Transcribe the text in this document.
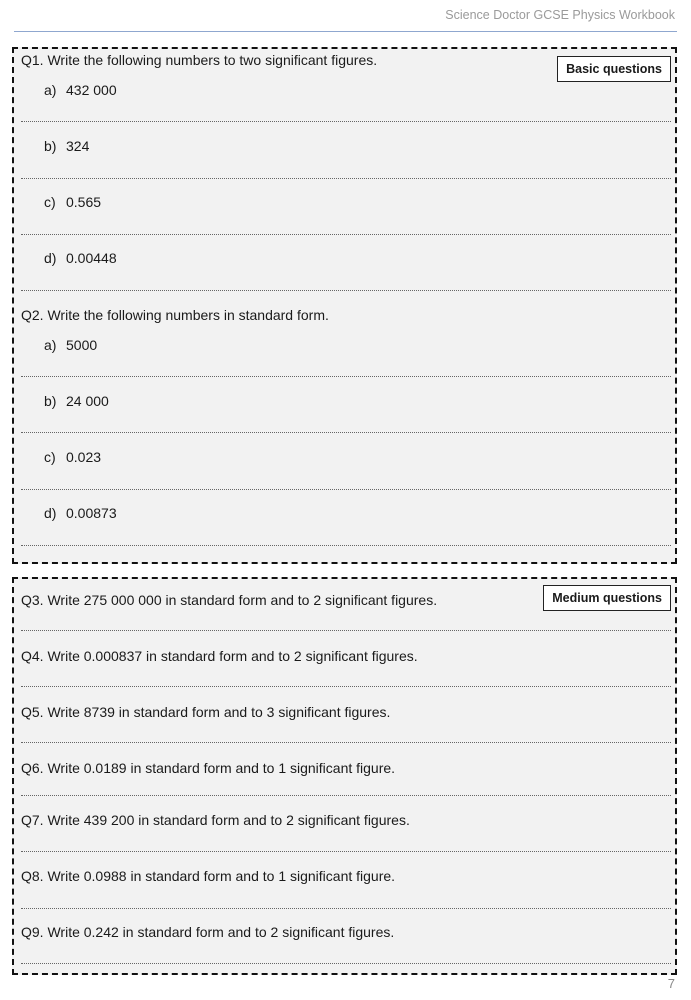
Science Doctor GCSE Physics Workbook
Basic questions
Q1. Write the following numbers to two significant figures.
a) 432 000
b) 324
c) 0.565
d) 0.00448
Q2. Write the following numbers in standard form.
a) 5000
b) 24 000
c) 0.023
d) 0.00873
Medium questions
Q3. Write 275 000 000 in standard form and to 2 significant figures.
Q4. Write 0.000837 in standard form and to 2 significant figures.
Q5. Write 8739 in standard form and to 3 significant figures.
Q6. Write 0.0189 in standard form and to 1 significant figure.
Q7. Write 439 200 in standard form and to 2 significant figures.
Q8. Write 0.0988 in standard form and to 1 significant figure.
Q9. Write 0.242 in standard form and to 2 significant figures.
7
